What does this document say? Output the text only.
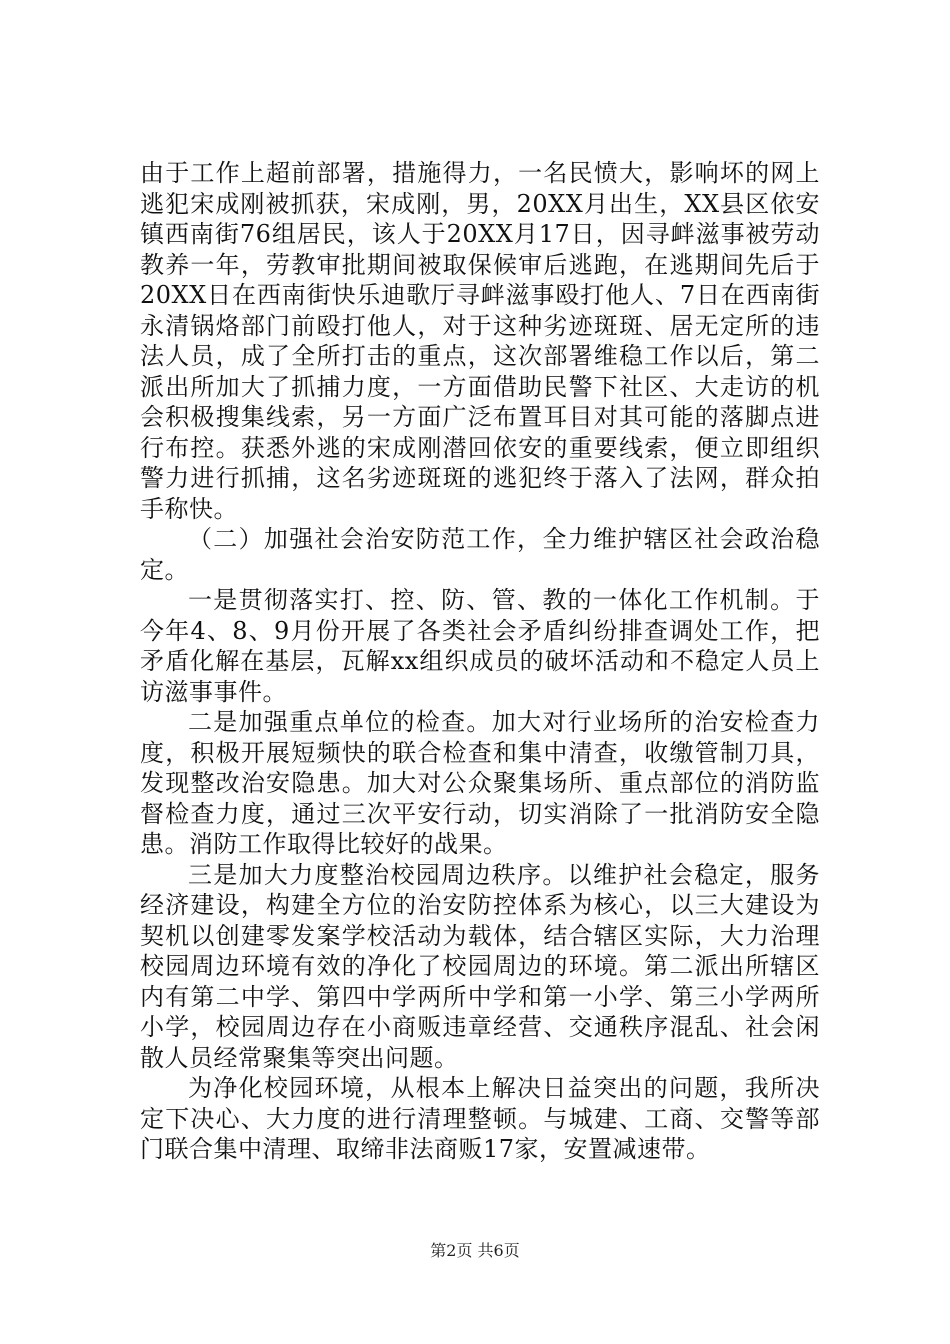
由于工作上超前部署，措施得力，一名民愤大，影响坏的网上逃犯宋成刚被抓获，宋成刚，男，20XX月出生，XX县区依安镇西南街76组居民，该人于20XX月17日，因寻衅滋事被劳动教养一年，劳教审批期间被取保候审后逃跑，在逃期间先后于20XX日在西南街快乐迪歌厅寻衅滋事殴打他人、7日在西南街永清锅烙部门前殴打他人，对于这种劣迹斑斑、居无定所的违法人员，成了全所打击的重点，这次部署维稳工作以后，第二派出所加大了抓捕力度，一方面借助民警下社区、大走访的机会积极搜集线索，另一方面广泛布置耳目对其可能的落脚点进行布控。获悉外逃的宋成刚潜回依安的重要线索，便立即组织警力进行抓捕，这名劣迹斑斑的逃犯终于落入了法网，群众拍手称快。

（二）加强社会治安防范工作，全力维护辖区社会政治稳定。

一是贯彻落实打、控、防、管、教的一体化工作机制。于今年4、8、9月份开展了各类社会矛盾纠纷排查调处工作，把矛盾化解在基层，瓦解xx组织成员的破坏活动和不稳定人员上访滋事事件。

二是加强重点单位的检查。加大对行业场所的治安检查力度，积极开展短频快的联合检查和集中清查，收缴管制刀具，发现整改治安隐患。加大对公众聚集场所、重点部位的消防监督检查力度，通过三次平安行动，切实消除了一批消防安全隐患。消防工作取得比较好的战果。

三是加大力度整治校园周边秩序。以维护社会稳定，服务经济建设，构建全方位的治安防控体系为核心，以三大建设为契机以创建零发案学校活动为载体，结合辖区实际，大力治理校园周边环境有效的净化了校园周边的环境。第二派出所辖区内有第二中学、第四中学两所中学和第一小学、第三小学两所小学，校园周边存在小商贩违章经营、交通秩序混乱、社会闲散人员经常聚集等突出问题。

为净化校园环境，从根本上解决日益突出的问题，我所决定下决心、大力度的进行清理整顿。与城建、工商、交警等部门联合集中清理、取缔非法商贩17家，安置减速带。

第2页 共6页
